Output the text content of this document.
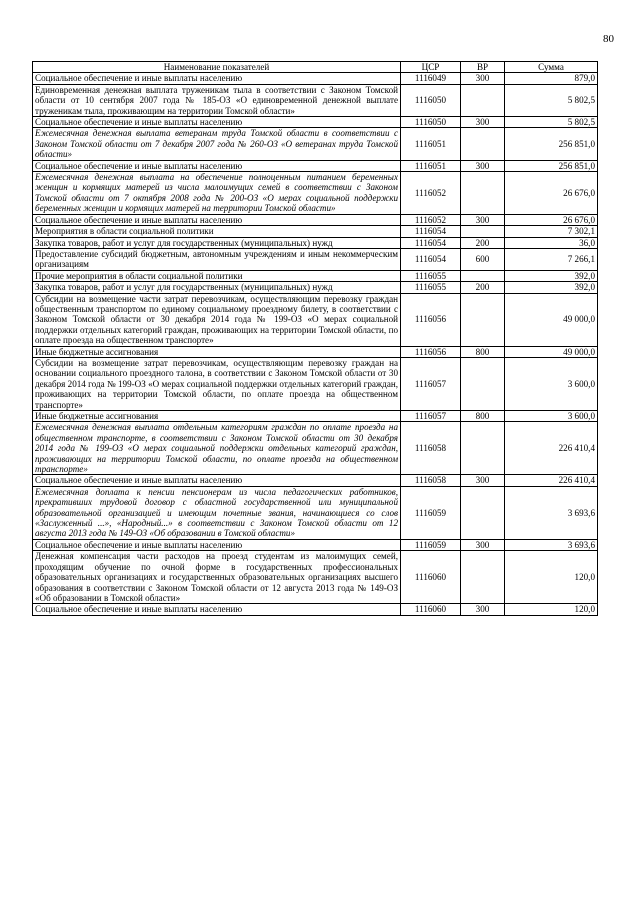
80
Наименование показателей	ЦСР	ВР	Сумма
Социальное обеспечение и иные выплаты населению	1116049	300	879,0
Единовременная денежная выплата труженикам тыла в соответствии с Законом Томской области от 10 сентября 2007 года № 185-ОЗ «О единовременной денежной выплате труженикам тыла, проживающим на территории Томской области»	1116050		5 802,5
Социальное обеспечение и иные выплаты населению	1116050	300	5 802,5
Ежемесячная денежная выплата ветеранам труда Томской области в соответствии с Законом Томской области от 7 декабря 2007 года № 260-ОЗ «О ветеранах труда Томской области»	1116051		256 851,0
Социальное обеспечение и иные выплаты населению	1116051	300	256 851,0
Ежемесячная денежная выплата на обеспечение полноценным питанием беременных женщин и кормящих матерей из числа малоимущих семей в соответствии с Законом Томской области от 7 октября 2008 года № 200-ОЗ «О мерах социальной поддержки беременных женщин и кормящих матерей на территории Томской области»	1116052		26 676,0
Социальное обеспечение и иные выплаты населению	1116052	300	26 676,0
Мероприятия в области социальной политики	1116054		7 302,1
Закупка товаров, работ и услуг для государственных (муниципальных) нужд	1116054	200	36,0
Предоставление субсидий бюджетным, автономным учреждениям и иным некоммерческим организациям	1116054	600	7 266,1
Прочие мероприятия в области социальной политики	1116055		392,0
Закупка товаров, работ и услуг для государственных (муниципальных) нужд	1116055	200	392,0
Субсидии на возмещение части затрат перевозчикам, осуществляющим перевозку граждан общественным транспортом по единому социальному проездному билету, в соответствии с Законом Томской области от 30 декабря 2014 года № 199-ОЗ «О мерах социальной поддержки отдельных категорий граждан, проживающих на территории Томской области, по оплате проезда на общественном транспорте»	1116056		49 000,0
Иные бюджетные ассигнования	1116056	800	49 000,0
Субсидии на возмещение затрат перевозчикам, осуществляющим перевозку граждан на основании социального проездного талона, в соответствии с Законом Томской области от 30 декабря 2014 года № 199-ОЗ «О мерах социальной поддержки отдельных категорий граждан, проживающих на территории Томской области, по оплате проезда на общественном транспорте»	1116057		3 600,0
Иные бюджетные ассигнования	1116057	800	3 600,0
Ежемесячная денежная выплата отдельным категориям граждан по оплате проезда на общественном транспорте, в соответствии с Законом Томской области от 30 декабря 2014 года № 199-ОЗ «О мерах социальной поддержки отдельных категорий граждан, проживающих на территории Томской области, по оплате проезда на общественном транспорте»	1116058		226 410,4
Социальное обеспечение и иные выплаты населению	1116058	300	226 410,4
Ежемесячная доплата к пенсии пенсионерам из числа педагогических работников, прекративших трудовой договор с областной государственной или муниципальной образовательной организацией и имеющим почетные звания, начинающиеся со слов «Заслуженный ...», «Народный...» в соответствии с Законом Томской области от 12 августа 2013 года № 149-ОЗ «Об образовании в Томской области»	1116059		3 693,6
Социальное обеспечение и иные выплаты населению	1116059	300	3 693,6
Денежная компенсация части расходов на проезд студентам из малоимущих семей, проходящим обучение по очной форме в государственных профессиональных образовательных организациях и государственных образовательных организациях высшего образования в соответствии с Законом Томской области от 12 августа 2013 года № 149-ОЗ «Об образовании в Томской области»	1116060		120,0
Социальное обеспечение и иные выплаты населению	1116060	300	120,0
